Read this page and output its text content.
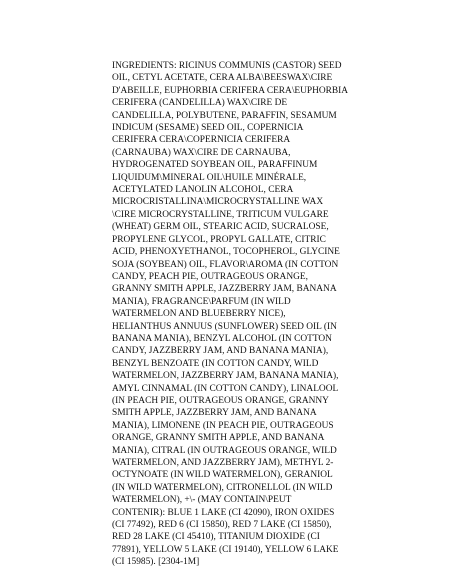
INGREDIENTS: RICINUS COMMUNIS (CASTOR) SEED
OIL, CETYL ACETATE, CERA ALBA\BEESWAX\CIRE
D'ABEILLE, EUPHORBIA CERIFERA CERA\EUPHORBIA
CERIFERA (CANDELILLA) WAX\CIRE DE
CANDELILLA, POLYBUTENE, PARAFFIN, SESAMUM
INDICUM (SESAME) SEED OIL, COPERNICIA
CERIFERA CERA\COPERNICIA CERIFERA
(CARNAUBA) WAX\CIRE DE CARNAUBA,
HYDROGENATED SOYBEAN OIL, PARAFFINUM
LIQUIDUM\MINERAL OIL\HUILE MINÉRALE,
ACETYLATED LANOLIN ALCOHOL, CERA
MICROCRISTALLINA\MICROCRYSTALLINE WAX
\CIRE MICROCRYSTALLINE, TRITICUM VULGARE
(WHEAT) GERM OIL, STEARIC ACID, SUCRALOSE,
PROPYLENE GLYCOL, PROPYL GALLATE, CITRIC
ACID, PHENOXYETHANOL, TOCOPHEROL, GLYCINE
SOJA (SOYBEAN) OIL, FLAVOR\AROMA (IN COTTON
CANDY, PEACH PIE, OUTRAGEOUS ORANGE,
GRANNY SMITH APPLE, JAZZBERRY JAM, BANANA
MANIA), FRAGRANCE\PARFUM (IN WILD
WATERMELON AND BLUEBERRY NICE),
HELIANTHUS ANNUUS (SUNFLOWER) SEED OIL (IN
BANANA MANIA), BENZYL ALCOHOL (IN COTTON
CANDY, JAZZBERRY JAM, AND BANANA MANIA),
BENZYL BENZOATE (IN COTTON CANDY, WILD
WATERMELON, JAZZBERRY JAM, BANANA MANIA),
AMYL CINNAMAL (IN COTTON CANDY), LINALOOL
(IN PEACH PIE, OUTRAGEOUS ORANGE, GRANNY
SMITH APPLE, JAZZBERRY JAM, AND BANANA
MANIA), LIMONENE (IN PEACH PIE, OUTRAGEOUS
ORANGE, GRANNY SMITH APPLE, AND BANANA
MANIA), CITRAL (IN OUTRAGEOUS ORANGE, WILD
WATERMELON, AND JAZZBERRY JAM), METHYL 2-
OCTYNOATE (IN WILD WATERMELON), GERANIOL
(IN WILD WATERMELON), CITRONELLOL (IN WILD
WATERMELON), +\- (MAY CONTAIN\PEUT
CONTENIR): BLUE 1 LAKE (CI 42090), IRON OXIDES
(CI 77492), RED 6 (CI 15850), RED 7 LAKE (CI 15850),
RED 28 LAKE (CI 45410), TITANIUM DIOXIDE (CI
77891), YELLOW 5 LAKE (CI 19140), YELLOW 6 LAKE
(CI 15985). [2304-1M]
